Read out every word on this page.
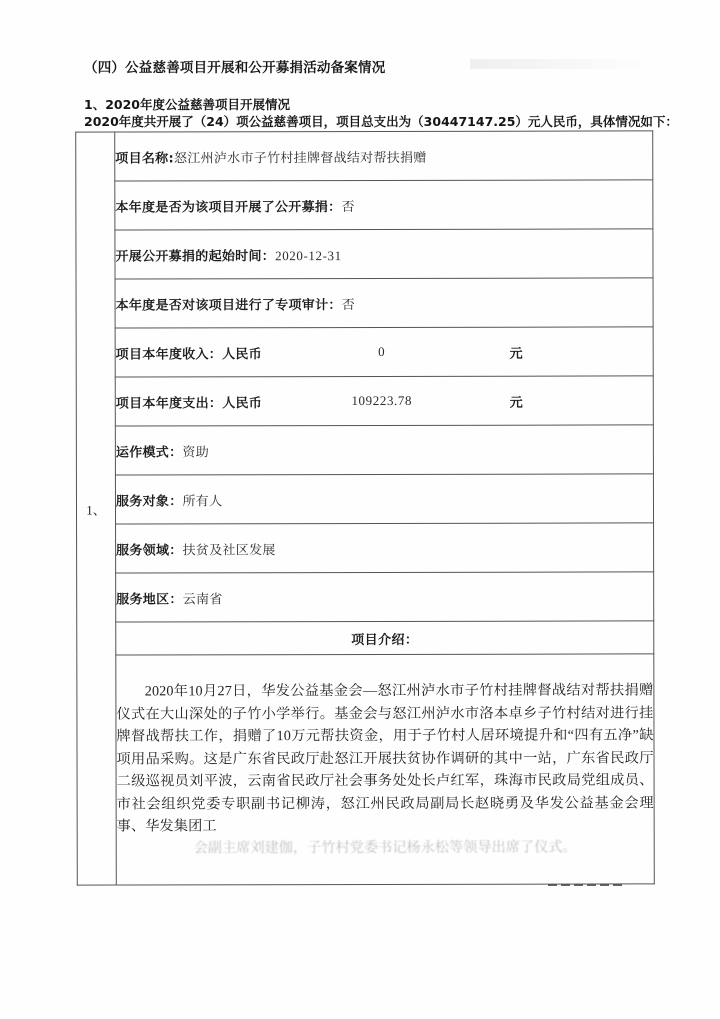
（四）公益慈善项目开展和公开募捐活动备案情况
1、2020年度公益慈善项目开展情况
2020年度共开展了（24）项公益慈善项目，项目总支出为（30447147.25）元人民币，具体情况如下：
1、	项目名称:怒江州泸水市子竹村挂牌督战结对帮扶捐赠
本年度是否为该项目开展了公开募捐：否
开展公开募捐的起始时间：2020-12-31
本年度是否对该项目进行了专项审计：否

项目本年度收入：人民币	0	元

项目本年度支出：人民币	109223.78	元

运作模式：资助
服务对象：所有人
服务领域：扶贫及社区发展
服务地区：云南省
项目介绍：

2020年10月27日，华发公益基金会—怒江州泸水市子竹村挂牌督战结对帮扶捐赠仪式在大山深处的子竹小学举行。基金会与怒江州泸水市洛本卓乡子竹村结对进行挂牌督战帮扶工作，捐赠了10万元帮扶资金，用于子竹村人居环境提升和“四有五净”缺项用品采购。这是广东省民政厅赴怒江开展扶贫协作调研的其中一站，广东省民政厅二级巡视员刘平波，云南省民政厅社会事务处处长卢红军，珠海市民政局党组成员、市社会组织党委专职副书记柳涛，怒江州民政局副局长赵晓勇及华发公益基金会理事、华发集团工
会副主席刘建伽，子竹村党委书记杨永松等领导出席了仪式。
